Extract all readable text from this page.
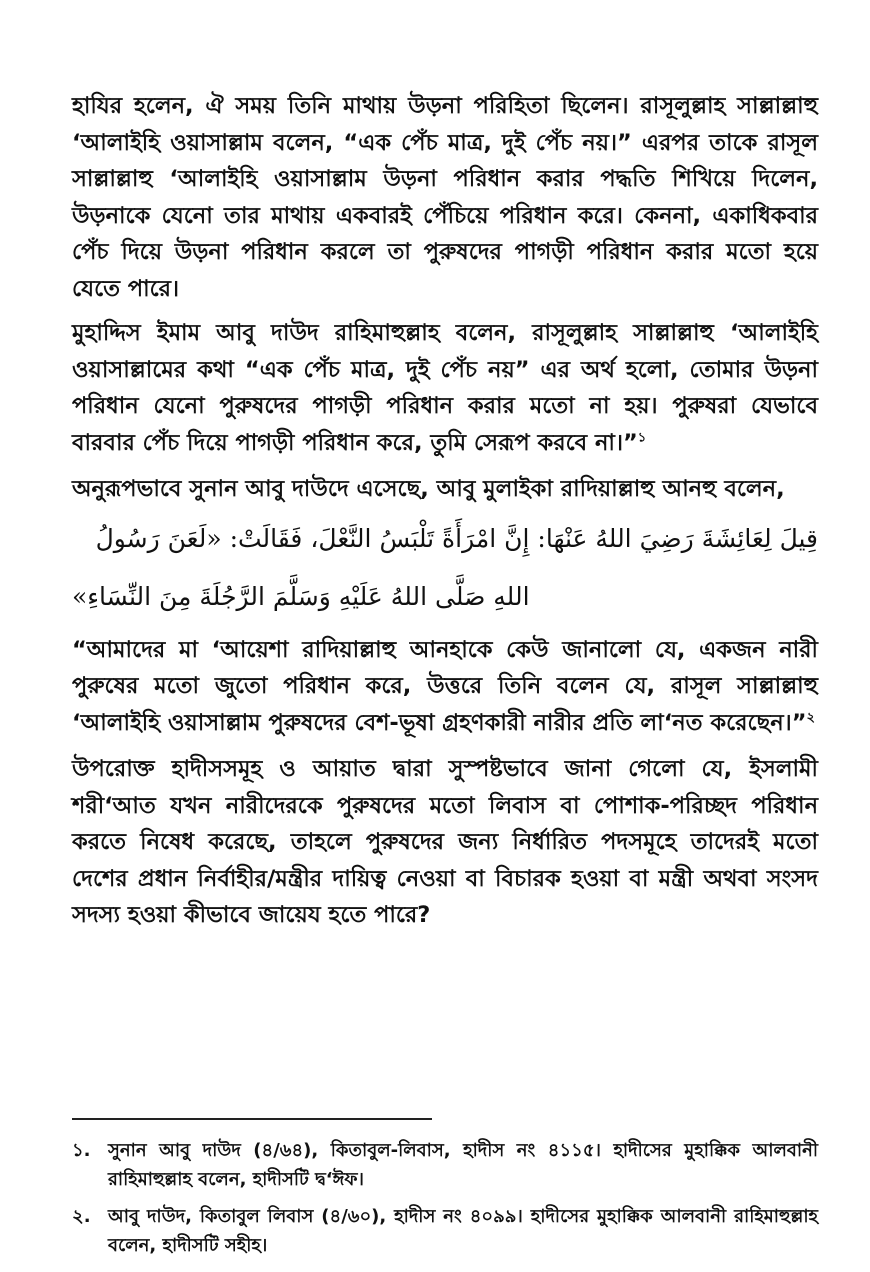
হাযির হলেন, ঐ সময় তিনি মাথায় উড়না পরিহিতা ছিলেন। রাসূলুল্লাহ সাল্লাল্লাহু ‘আলাইহি ওয়াসাল্লাম বলেন, “এক পেঁচ মাত্র, দুই পেঁচ নয়।” এরপর তাকে রাসূল সাল্লাল্লাহু ‘আলাইহি ওয়াসাল্লাম উড়না পরিধান করার পদ্ধতি শিখিয়ে দিলেন, উড়নাকে যেনো তার মাথায় একবারই পেঁচিয়ে পরিধান করে। কেননা, একাধিকবার পেঁচ দিয়ে উড়না পরিধান করলে তা পুরুষদের পাগড়ী পরিধান করার মতো হয়ে যেতে পারে।

মুহাদ্দিস ইমাম আবু দাউদ রাহিমাহুল্লাহ বলেন, রাসূলুল্লাহ সাল্লাল্লাহু ‘আলাইহি ওয়াসাল্লামের কথা “এক পেঁচ মাত্র, দুই পেঁচ নয়” এর অর্থ হলো, তোমার উড়না পরিধান যেনো পুরুষদের পাগড়ী পরিধান করার মতো না হয়। পুরুষরা যেভাবে বারবার পেঁচ দিয়ে পাগড়ী পরিধান করে, তুমি সেরূপ করবে না।”$^১$

অনুরূপভাবে সুনান আবু দাউদে এসেছে, আবু মুলাইকা রাদিয়াল্লাহু আনহু বলেন,

قِيلَ لِعَائِشَةَ رَضِيَ اللهُ عَنْهَا: إِنَّ امْرَأَةً تَلْبَسُ النَّعْلَ، فَقَالَتْ: «لَعَنَ رَسُولُ اللهِ صَلَّى اللهُ عَلَيْهِ وَسَلَّمَ الرَّجُلَةَ مِنَ النِّسَاءِ»

“আমাদের মা ‘আয়েশা রাদিয়াল্লাহু আনহাকে কেউ জানালো যে, একজন নারী পুরুষের মতো জুতো পরিধান করে, উত্তরে তিনি বলেন যে, রাসূল সাল্লাল্লাহু ‘আলাইহি ওয়াসাল্লাম পুরুষদের বেশ-ভূষা গ্রহণকারী নারীর প্রতি লা‘নত করেছেন।”$^২$

উপরোক্ত হাদীসসমূহ ও আয়াত দ্বারা সুস্পষ্টভাবে জানা গেলো যে, ইসলামী শরী‘আত যখন নারীদেরকে পুরুষদের মতো লিবাস বা পোশাক-পরিচ্ছদ পরিধান করতে নিষেধ করেছে, তাহলে পুরুষদের জন্য নির্ধারিত পদসমূহে তাদেরই মতো দেশের প্রধান নির্বাহীর/মন্ত্রীর দায়িত্ব নেওয়া বা বিচারক হওয়া বা মন্ত্রী অথবা সংসদ সদস্য হওয়া কীভাবে জায়েয হতে পারে?

১. সুনান আবু দাউদ (৪/৬৪), কিতাবুল-লিবাস, হাদীস নং ৪১১৫। হাদীসের মুহাক্কিক আলবানী রাহিমাহুল্লাহ বলেন, হাদীসটি দ্ব‘ঈফ।
২. আবু দাউদ, কিতাবুল লিবাস (৪/৬০), হাদীস নং ৪০৯৯। হাদীসের মুহাক্কিক আলবানী রাহিমাহুল্লাহ বলেন, হাদীসটি সহীহ।
